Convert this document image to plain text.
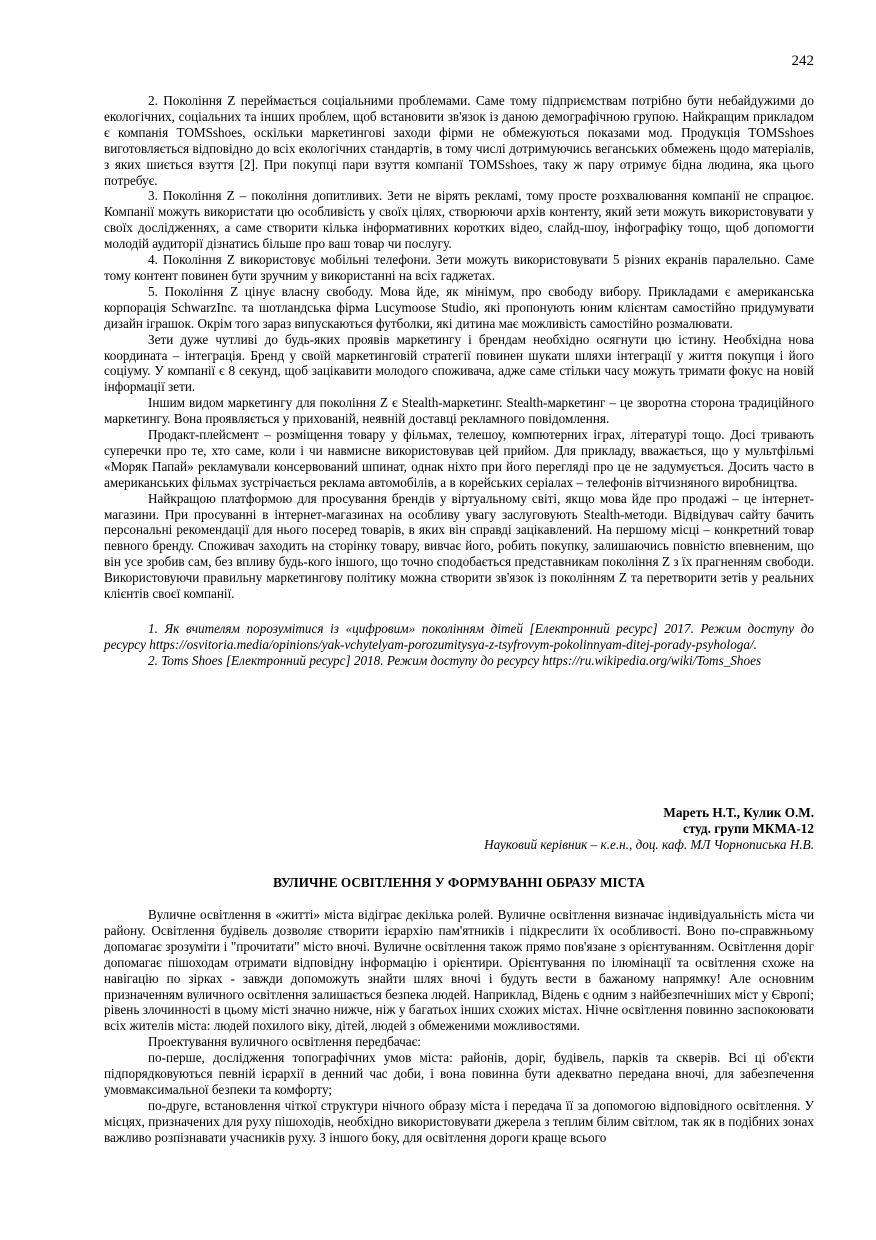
242

2. Покоління Z переймається соціальними проблемами. Саме тому підприємствам потрібно бути небайдужими до екологічних, соціальних та інших проблем, щоб встановити зв'язок із даною демографічною групою. Найкращим прикладом є компанія TOMSshoes, оскільки маркетингові заходи фірми не обмежуються показами мод. Продукція TOMSshoes виготовляється відповідно до всіх екологічних стандартів, в тому числі дотримуючись веганських обмежень щодо матеріалів, з яких шиється взуття [2]. При покупці пари взуття компанії TOMSshoes, таку ж пару отримує бідна людина, яка цього потребує.

3. Покоління Z – покоління допитливих. Зети не вірять рекламі, тому просте розхвалювання компанії не спрацює. Компанії можуть використати цю особливість у своїх цілях, створюючи архів контенту, який зети можуть використовувати у своїх дослідженнях, а саме створити кілька інформативних коротких відео, слайд-шоу, інфографіку тощо, щоб допомогти молодій аудиторії дізнатись більше про ваш товар чи послугу.

4. Покоління Z використовує мобільні телефони. Зети можуть використовувати 5 різних екранів паралельно. Саме тому контент повинен бути зручним у використанні на всіх гаджетах.

5. Покоління Z цінує власну свободу. Мова йде, як мінімум, про свободу вибору. Прикладами є американська корпорація SchwarzInc. та шотландська фірма Lucymoose Studio, які пропонують юним клієнтам самостійно придумувати дизайн іграшок. Окрім того зараз випускаються футболки, які дитина має можливість самостійно розмалювати.

Зети дуже чутливі до будь-яких проявів маркетингу і брендам необхідно осягнути цю істину. Необхідна нова координата – інтеграція. Бренд у своїй маркетинговій стратегії повинен шукати шляхи інтеграції у життя покупця і його соціуму. У компанії є 8 секунд, щоб зацікавити молодого споживача, адже саме стільки часу можуть тримати фокус на новій інформації зети.

Іншим видом маркетингу для покоління Z є Stealth-маркетинг. Stealth-маркетинг – це зворотна сторона традиційного маркетингу. Вона проявляється у прихованій, неявній доставці рекламного повідомлення.

Продакт-плейсмент – розміщення товару у фільмах, телешоу, компютерних іграх, літературі тощо. Досі тривають суперечки про те, хто саме, коли і чи навмисне використовував цей прийом. Для прикладу, вважається, що у мультфільмі «Моряк Папай» рекламували консервований шпинат, однак ніхто при його перегляді про це не задумується. Досить часто в американських фільмах зустрічається реклама автомобілів, а в корейських серіалах – телефонів вітчизняного виробництва.

Найкращою платформою для просування брендів у віртуальному світі, якщо мова йде про продажі – це інтернет-магазини. При просуванні в інтернет-магазинах на особливу увагу заслуговують Stealth-методи. Відвідувач сайту бачить персональні рекомендації для нього посеред товарів, в яких він справді зацікавлений. На першому місці – конкретний товар певного бренду. Споживач заходить на сторінку товару, вивчає його, робить покупку, залишаючись повністю впевненим, що він усе зробив сам, без впливу будь-кого іншого, що точно сподобається представникам покоління Z з їх прагненням свободи. Використовуючи правильну маркетингову політику можна створити зв'язок із поколінням Z та перетворити зетів у реальних клієнтів своєї компанії.

1. Як вчителям порозумітися із «цифровим» поколінням дітей [Електронний ресурс] 2017. Режим доступу до ресурсу https://osvitoria.media/opinions/yak-vchytelyam-porozumitysya-z-tsyfrovym-pokolinnyam-ditej-porady-psyhologa/.

2. Toms Shoes [Електронний ресурс] 2018. Режим доступу до ресурсу https://ru.wikipedia.org/wiki/Toms_Shoes

Мареть Н.Т., Кулик О.М.
студ. групи МКМА-12
Науковий керівник – к.е.н., доц. каф. МЛ Чорнописька Н.В.
ВУЛИЧНЕ ОСВІТЛЕННЯ У ФОРМУВАННІ ОБРАЗУ МІСТА

Вуличне освітлення в «житті» міста відіграє декілька ролей. Вуличне освітлення визначає індивідуальність міста чи району. Освітлення будівель дозволяє створити ієрархію пам'ятників і підкреслити їх особливості. Воно по-справжньому допомагає зрозуміти і "прочитати" місто вночі. Вуличне освітлення також прямо пов'язане з орієнтуванням. Освітлення доріг допомагає пішоходам отримати відповідну інформацію і орієнтири. Орієнтування по ілюмінації та освітлення схоже на навігацію по зірках - завжди допоможуть знайти шлях вночі і будуть вести в бажаному напрямку! Але основним призначенням вуличного освітлення залишається безпека людей. Наприклад, Відень є одним з найбезпечніших міст у Європі; рівень злочинності в цьому місті значно нижче, ніж у багатьох інших схожих містах. Нічне освітлення повинно заспокоювати всіх жителів міста: людей похилого віку, дітей, людей з обмеженими можливостями.

Проектування вуличного освітлення передбачає:

по-перше, дослідження топографічних умов міста: районів, доріг, будівель, парків та скверів. Всі ці об'єкти підпорядковуються певній ієрархії в денний час доби, і вона повинна бути адекватно передана вночі, для забезпечення умовмаксимальної безпеки та комфорту;

по-друге, встановлення чіткої структури нічного образу міста і передача її за допомогою відповідного освітлення. У місцях, призначених для руху пішоходів, необхідно використовувати джерела з теплим білим світлом, так як в подібних зонах важливо розпізнавати учасників руху. З іншого боку, для освітлення дороги краще всього
